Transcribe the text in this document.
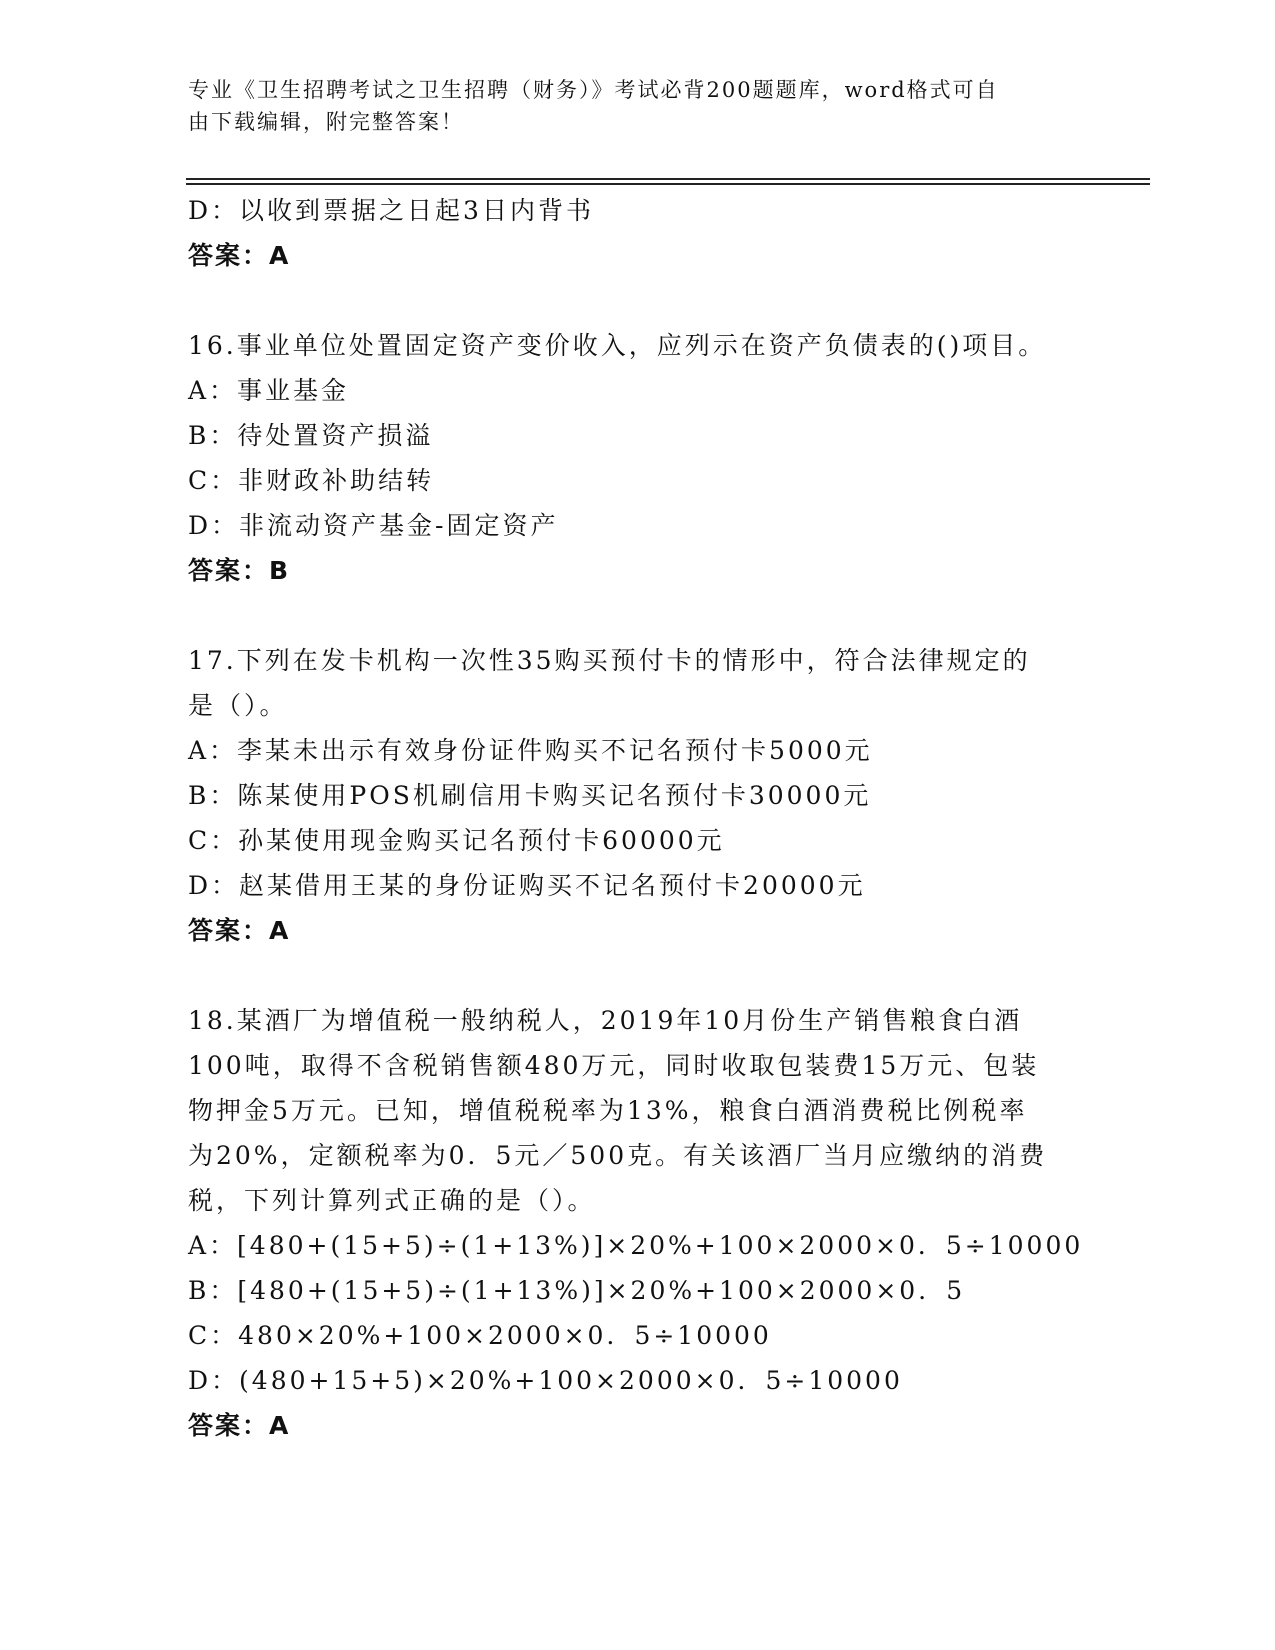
专业《卫生招聘考试之卫生招聘（财务）》考试必背200题题库，word格式可自
由下载编辑，附完整答案！
D：以收到票据之日起3日内背书
答案：A
16.事业单位处置固定资产变价收入，应列示在资产负债表的()项目。
A：事业基金
B：待处置资产损溢
C：非财政补助结转
D：非流动资产基金-固定资产
答案：B
17.下列在发卡机构一次性35购买预付卡的情形中，符合法律规定的
是（）。
A：李某未出示有效身份证件购买不记名预付卡5000元
B：陈某使用POS机刷信用卡购买记名预付卡30000元
C：孙某使用现金购买记名预付卡60000元
D：赵某借用王某的身份证购买不记名预付卡20000元
答案：A
18.某酒厂为增值税一般纳税人，2019年10月份生产销售粮食白酒
100吨，取得不含税销售额480万元，同时收取包装费15万元、包装
物押金5万元。已知，增值税税率为13%，粮食白酒消费税比例税率
为20%，定额税率为0．5元／500克。有关该酒厂当月应缴纳的消费
税，下列计算列式正确的是（）。
A：[480+(15+5)÷(1+13%)]×20%+100×2000×0．5÷10000
B：[480+(15+5)÷(1+13%)]×20%+100×2000×0．5
C：480×20%+100×2000×0．5÷10000
D：(480+15+5)×20%+100×2000×0．5÷10000
答案：A
